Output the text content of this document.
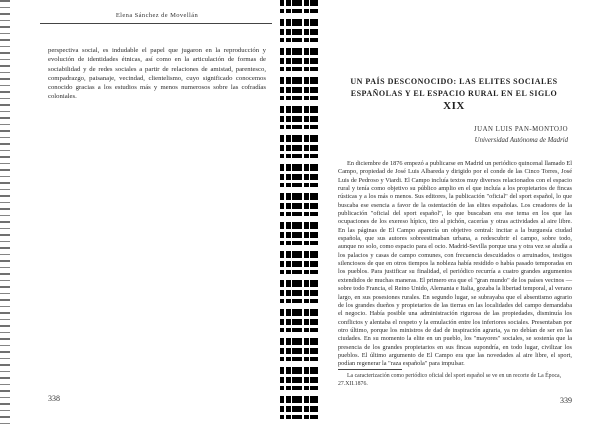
Elena Sánchez de Movellán
perspectiva social, es indudable el papel que jugaron en la reproducción y evolución de identidades étnicas, así como en la articulación de formas de sociabilidad y de redes sociales a partir de relaciones de amistad, parentesco, compadrazgo, paisanaje, vecindad, clientelismo, cuyo significado conocemos conocido gracias a los estudios más y menos numerosos sobre las cofradías coloniales.
338
UN PAÍS DESCONOCIDO: LAS ELITES SOCIALES
ESPAÑOLAS Y EL ESPACIO RURAL EN EL SIGLO XIX
JUAN LUIS PAN-MONTOJO
Universidad Autónoma de Madrid

En diciembre de 1876 empezó a publicarse en Madrid un periódico quincenal llamado El Campo, propiedad de José Luis Albareda y dirigido por el conde de las Cinco Torres, José Luis de Pedroso y Viardi. El Campo incluía textos muy diversos relacionados con el espacio rural y tenía como objetivo su público amplio en el que incluía a los propietarios de fincas rústicas y a los más o menos. Sus editores, la publicación "oficial" del sport español, lo que buscaba ese esencia a favor de la ostentación de las elites españolas. Los creadores de la publicación "oficial del sport español", lo que buscaban era ese tema en los que las ocupaciones de los exereso hípico, tiro al pichón, cacerías y otras actividades al aire libre. En las páginas de El Campo aparecía un objetivo central: incitar a la burguesía ciudad española, que sus autores sobreestimaban urbana, a redescubrir el campo, sobre todo, aunque no solo, como espacio para el ocio. Madrid-Sevilla porque una y otra vez se aludía a los palacios y casas de campo comunes, con frecuencia descuidados o arruinados, testigos silenciosos de que en otros tiempos la nobleza había residido o había pasado temporadas en los pueblos. Para justificar su finalidad, el periódico recurría a cuatro grandes argumentos extendidos de muchas maneras. El primero era que el "gran mundo" de los países vecinos —sobre todo Francia, el Reino Unido, Alemania e Italia, gozaba la libertad temporal, al verano largo, en sus posesiones rurales. En segundo lugar, se subrayaba que el absentismo agrario de los grandes dueños y propietarios de las tierras en las localidades del campo demandaba el negocio. Había posible una administración rigurosa de las propiedades, disminuía los conflictos y alentaba el respeto y la emulación entre los inferiores sociales. Presentaban por otro último, porque los ministros de dad de inspiración agraria, ya no debían de ser en las ciudades. En su momento la elite en un pueblo, los "mayores" sociales, se sostenía que la presencia de los grandes propietarios en sus fincas supondría, en todo lugar, civilizar los pueblos. El último argumento de El Campo era que las novedades al aire libre, el sport, podían regenerar la "raza española" para impulsar.

La caracterización como periódico oficial del sport español se ve en un recorte de La Época, 27.XII.1876.
339
